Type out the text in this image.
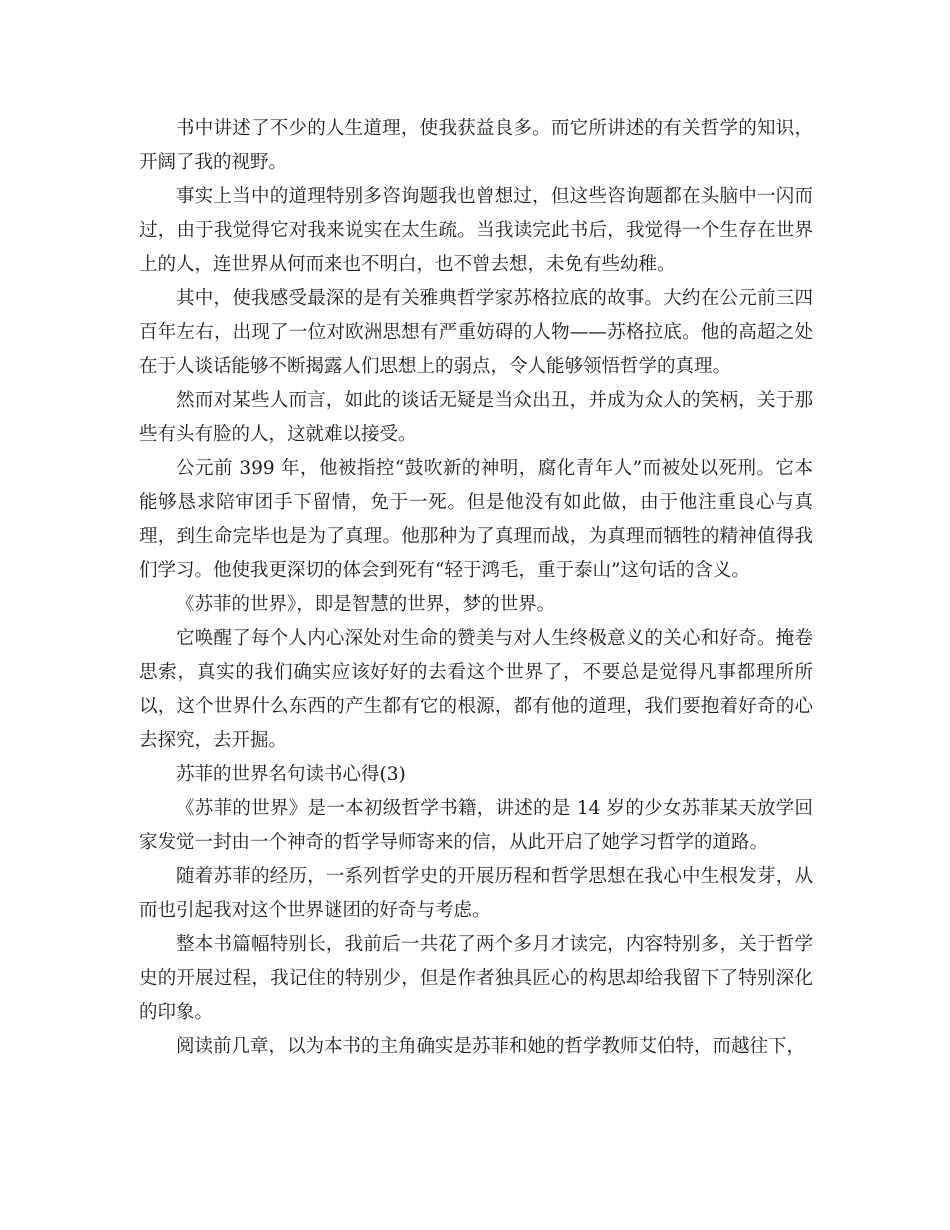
书中讲述了不少的人生道理，使我获益良多。而它所讲述的有关哲学的知识，开阔了我的视野。

事实上当中的道理特别多咨询题我也曾想过，但这些咨询题都在头脑中一闪而过，由于我觉得它对我来说实在太生疏。当我读完此书后，我觉得一个生存在世界上的人，连世界从何而来也不明白，也不曾去想，未免有些幼稚。

其中，使我感受最深的是有关雅典哲学家苏格拉底的故事。大约在公元前三四百年左右，出现了一位对欧洲思想有严重妨碍的人物——苏格拉底。他的高超之处在于人谈话能够不断揭露人们思想上的弱点，令人能够领悟哲学的真理。

然而对某些人而言，如此的谈话无疑是当众出丑，并成为众人的笑柄，关于那些有头有脸的人，这就难以接受。

公元前 399 年，他被指控“鼓吹新的神明，腐化青年人”而被处以死刑。它本能够恳求陪审团手下留情，免于一死。但是他没有如此做，由于他注重良心与真理，到生命完毕也是为了真理。他那种为了真理而战，为真理而牺牲的精神值得我们学习。他使我更深切的体会到死有“轻于鸿毛，重于泰山”这句话的含义。

《苏菲的世界》，即是智慧的世界，梦的世界。

它唤醒了每个人内心深处对生命的赞美与对人生终极意义的关心和好奇。掩卷思索，真实的我们确实应该好好的去看这个世界了，不要总是觉得凡事都理所所以，这个世界什么东西的产生都有它的根源，都有他的道理，我们要抱着好奇的心去探究，去开掘。

苏菲的世界名句读书心得(3)

《苏菲的世界》是一本初级哲学书籍，讲述的是 14 岁的少女苏菲某天放学回家发觉一封由一个神奇的哲学导师寄来的信，从此开启了她学习哲学的道路。

随着苏菲的经历，一系列哲学史的开展历程和哲学思想在我心中生根发芽，从而也引起我对这个世界谜团的好奇与考虑。

整本书篇幅特别长，我前后一共花了两个多月才读完，内容特别多，关于哲学史的开展过程，我记住的特别少，但是作者独具匠心的构思却给我留下了特别深化的印象。

阅读前几章，以为本书的主角确实是苏菲和她的哲学教师艾伯特，而越往下，
